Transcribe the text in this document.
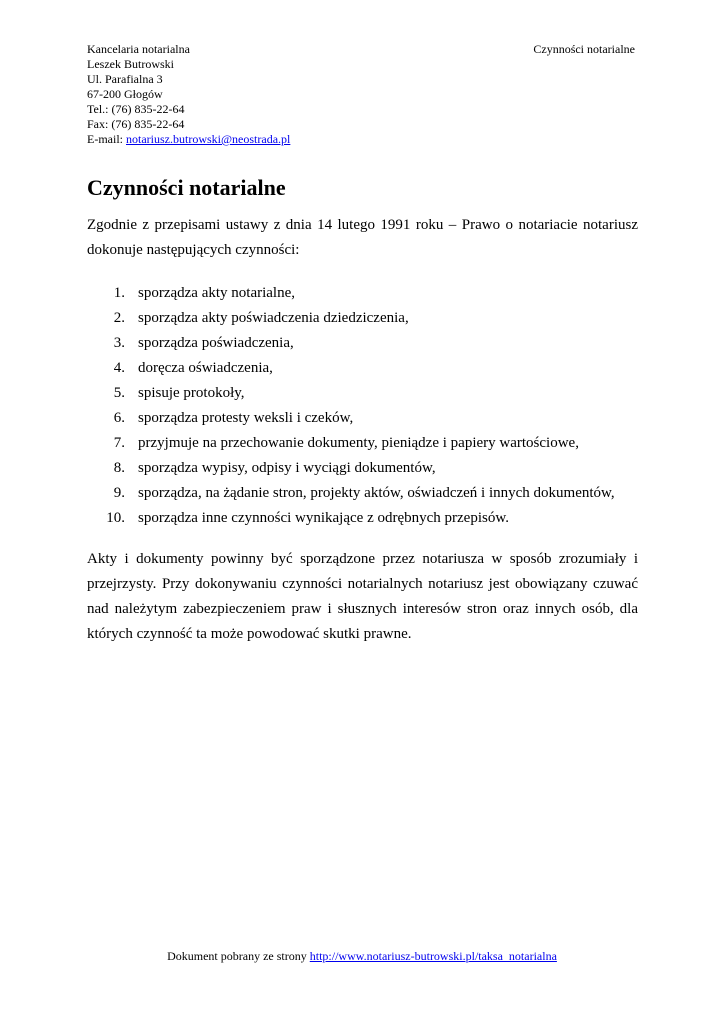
Kancelaria notarialna
Leszek Butrowski
Ul. Parafialna 3
67-200 Głogów
Tel.: (76) 835-22-64
Fax: (76) 835-22-64
E-mail: notariusz.butrowski@neostrada.pl
Czynności notarialne
Czynności notarialne

Zgodnie z przepisami ustawy z dnia 14 lutego 1991 roku – Prawo o notariacie notariusz dokonuje następujących czynności:

1. sporządza akty notarialne,
2. sporządza akty poświadczenia dziedziczenia,
3. sporządza poświadczenia,
4. doręcza oświadczenia,
5. spisuje protokoły,
6. sporządza protesty weksli i czeków,
7. przyjmuje na przechowanie dokumenty, pieniądze i papiery wartościowe,
8. sporządza wypisy, odpisy i wyciągi dokumentów,
9. sporządza, na żądanie stron, projekty aktów, oświadczeń i innych dokumentów,
10. sporządza inne czynności wynikające z odrębnych przepisów.

Akty i dokumenty powinny być sporządzone przez notariusza w sposób zrozumiały i przejrzysty. Przy dokonywaniu czynności notarialnych notariusz jest obowiązany czuwać nad należytym zabezpieczeniem praw i słusznych interesów stron oraz innych osób, dla których czynność ta może powodować skutki prawne.

Dokument pobrany ze strony http://www.notariusz-butrowski.pl/taksa_notarialna
